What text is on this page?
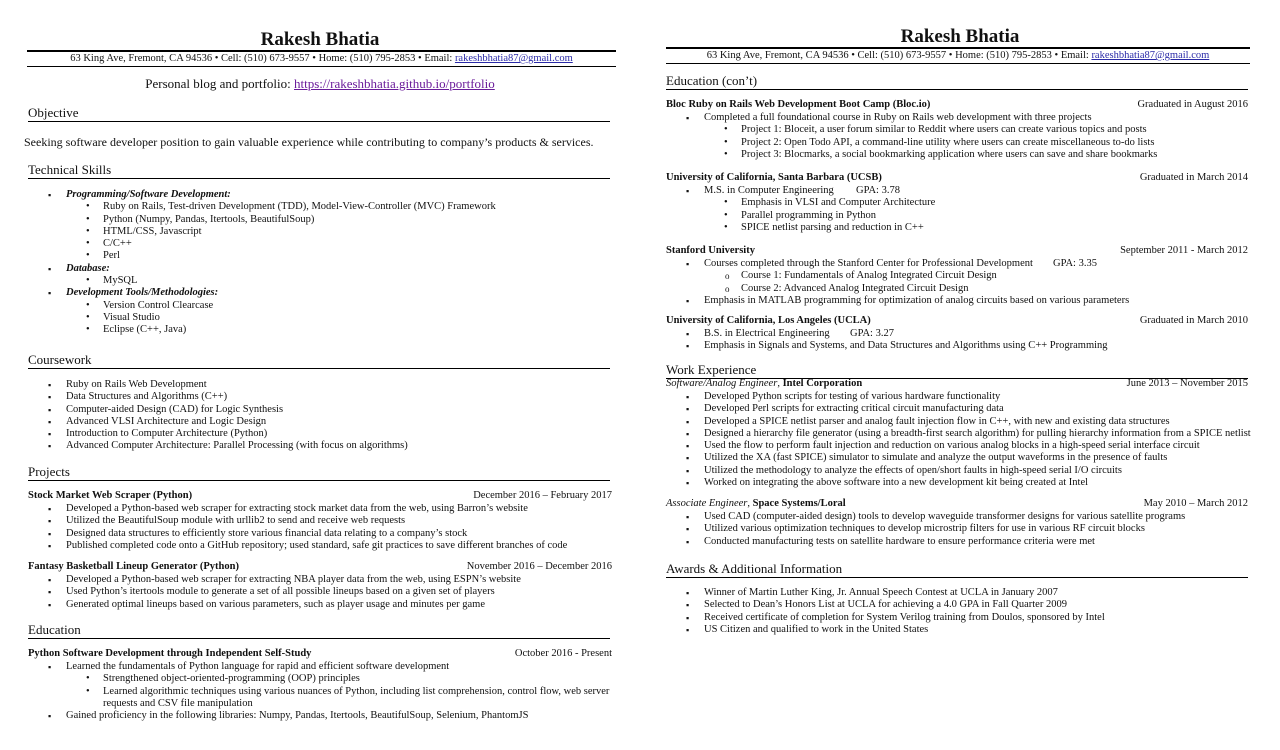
Rakesh Bhatia
63 King Ave, Fremont, CA 94536 • Cell: (510) 673-9557 • Home: (510) 795-2853 • Email: rakeshbhatia87@gmail.com
Personal blog and portfolio: https://rakeshbhatia.github.io/portfolio
Objective
Seeking software developer position to gain valuable experience while contributing to company’s products & services.
Technical Skills
▪ Programming/Software Development:
• Ruby on Rails, Test-driven Development (TDD), Model-View-Controller (MVC) Framework
• Python (Numpy, Pandas, Itertools, BeautifulSoup)
• HTML/CSS, Javascript
• C/C++
• Perl
▪ Database:
• MySQL
▪ Development Tools/Methodologies:
• Version Control Clearcase
• Visual Studio
• Eclipse (C++, Java)
Coursework
▪ Ruby on Rails Web Development
▪ Data Structures and Algorithms (C++)
▪ Computer-aided Design (CAD) for Logic Synthesis
▪ Advanced VLSI Architecture and Logic Design
▪ Introduction to Computer Architecture (Python)
▪ Advanced Computer Architecture: Parallel Processing (with focus on algorithms)
Projects
Stock Market Web Scraper (Python)	December 2016 – February 2017
▪ Developed a Python-based web scraper for extracting stock market data from the web, using Barron’s website
▪ Utilized the BeautifulSoup module with urllib2 to send and receive web requests
▪ Designed data structures to efficiently store various financial data relating to a company’s stock
▪ Published completed code onto a GitHub repository; used standard, safe git practices to save different branches of code
Fantasy Basketball Lineup Generator (Python)	November 2016 – December 2016
▪ Developed a Python-based web scraper for extracting NBA player data from the web, using ESPN’s website
▪ Used Python’s itertools module to generate a set of all possible lineups based on a given set of players
▪ Generated optimal lineups based on various parameters, such as player usage and minutes per game
Education
Python Software Development through Independent Self-Study	October 2016 - Present
▪ Learned the fundamentals of Python language for rapid and efficient software development
• Strengthened object-oriented-programming (OOP) principles
• Learned algorithmic techniques using various nuances of Python, including list comprehension, control flow, web server requests and CSV file manipulation
▪ Gained proficiency in the following libraries: Numpy, Pandas, Itertools, BeautifulSoup, Selenium, PhantomJS
Rakesh Bhatia
63 King Ave, Fremont, CA 94536 • Cell: (510) 673-9557 • Home: (510) 795-2853 • Email: rakeshbhatia87@gmail.com
Education (con’t)
Bloc Ruby on Rails Web Development Boot Camp (Bloc.io)	Graduated in August 2016
▪ Completed a full foundational course in Ruby on Rails web development with three projects
• Project 1: Bloceit, a user forum similar to Reddit where users can create various topics and posts
• Project 2: Open Todo API, a command-line utility where users can create miscellaneous to-do lists
• Project 3: Blocmarks, a social bookmarking application where users can save and share bookmarks
University of California, Santa Barbara (UCSB)	Graduated in March 2014
▪ M.S. in Computer Engineering GPA: 3.78
• Emphasis in VLSI and Computer Architecture
• Parallel programming in Python
• SPICE netlist parsing and reduction in C++
Stanford University	September 2011 - March 2012
▪ Courses completed through the Stanford Center for Professional Development GPA: 3.35
o Course 1: Fundamentals of Analog Integrated Circuit Design
o Course 2: Advanced Analog Integrated Circuit Design
▪ Emphasis in MATLAB programming for optimization of analog circuits based on various parameters
University of California, Los Angeles (UCLA)	Graduated in March 2010
▪ B.S. in Electrical Engineering GPA: 3.27
▪ Emphasis in Signals and Systems, and Data Structures and Algorithms using C++ Programming
Work Experience
Software/Analog Engineer, Intel Corporation	June 2013 – November 2015
▪ Developed Python scripts for testing of various hardware functionality
▪ Developed Perl scripts for extracting critical circuit manufacturing data
▪ Developed a SPICE netlist parser and analog fault injection flow in C++, with new and existing data structures
▪ Designed a hierarchy file generator (using a breadth-first search algorithm) for pulling hierarchy information from a SPICE netlist
▪ Used the flow to perform fault injection and reduction on various analog blocks in a high-speed serial interface circuit
▪ Utilized the XA (fast SPICE) simulator to simulate and analyze the output waveforms in the presence of faults
▪ Utilized the methodology to analyze the effects of open/short faults in high-speed serial I/O circuits
▪ Worked on integrating the above software into a new development kit being created at Intel
Associate Engineer, Space Systems/Loral	May 2010 – March 2012
▪ Used CAD (computer-aided design) tools to develop waveguide transformer designs for various satellite programs
▪ Utilized various optimization techniques to develop microstrip filters for use in various RF circuit blocks
▪ Conducted manufacturing tests on satellite hardware to ensure performance criteria were met
Awards & Additional Information
▪ Winner of Martin Luther King, Jr. Annual Speech Contest at UCLA in January 2007
▪ Selected to Dean’s Honors List at UCLA for achieving a 4.0 GPA in Fall Quarter 2009
▪ Received certificate of completion for System Verilog training from Doulos, sponsored by Intel
▪ US Citizen and qualified to work in the United States
